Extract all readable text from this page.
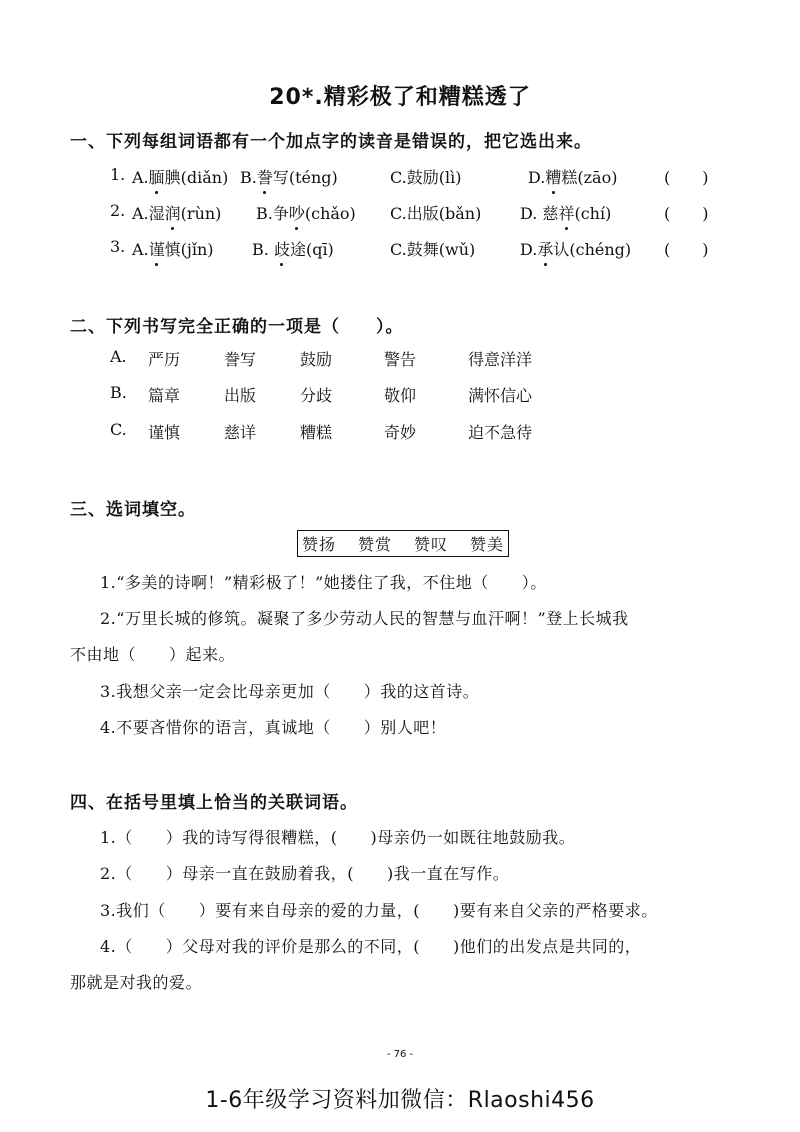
20*.精彩极了和糟糕透了
一、下列每组词语都有一个加点字的读音是错误的，把它选出来。
1. A.腼腆(diǎn) B.誊写(téng)	C.鼓励(lì)	D.糟糕(zāo)	(　　)
2. A.湿润(rùn) B.争吵(chǎo) C.出版(bǎn) D. 慈祥(chí)	(　　)
3. A.谨慎(jǐn) B. 歧途(qī)	C.鼓舞(wǔ)	D.承认(chéng) (　　)
二、下列书写完全正确的一项是（　　）。
A. 严历	誊写	鼓励	警告	得意洋洋
B. 篇章	出版	分歧	敬仰	满怀信心
C. 谨慎	慈详	糟糕	奇妙	迫不急待
三、选词填空。
赞扬 赞赏 赞叹 赞美
1.“多美的诗啊！”精彩极了！”她搂住了我，不住地（　　）。
2.“万里长城的修筑。凝聚了多少劳动人民的智慧与血汗啊！”登上长城我
不由地（　　）起来。
3.我想父亲一定会比母亲更加（　　）我的这首诗。
4.不要吝惜你的语言，真诚地（　　）别人吧！
四、在括号里填上恰当的关联词语。
1.（　　）我的诗写得很糟糕，(　　)母亲仍一如既往地鼓励我。
2.（　　）母亲一直在鼓励着我，(　　)我一直在写作。
3.我们（　　）要有来自母亲的爱的力量，(　　)要有来自父亲的严格要求。
4.（　　）父母对我的评价是那么的不同，(　　)他们的出发点是共同的，
那就是对我的爱。
- 76 -
1-6年级学习资料加微信：Rlaoshi456
